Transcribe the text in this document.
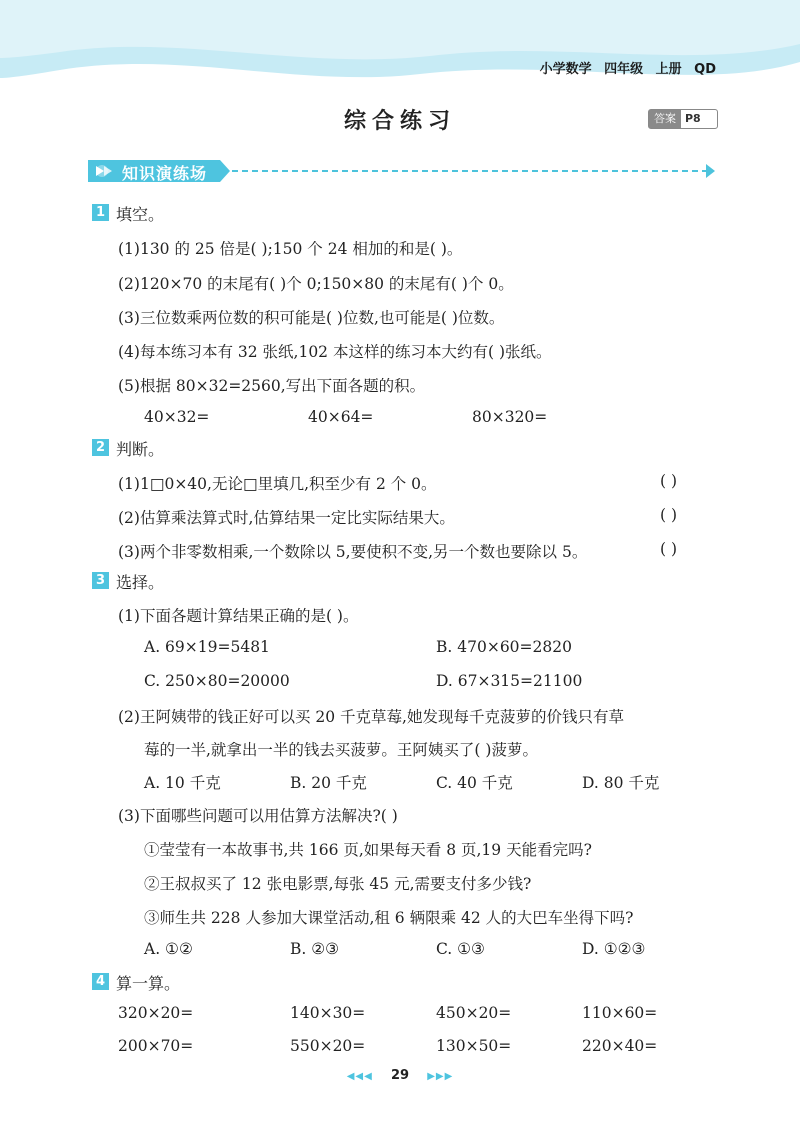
小学数学 四年级 上册 QD
综合练习	答案 P8
知识演练场
1 填空。
(1)130 的 25 倍是( );150 个 24 相加的和是( )。
(2)120×70 的末尾有( )个 0;150×80 的末尾有( )个 0。
(3)三位数乘两位数的积可能是( )位数,也可能是( )位数。
(4)每本练习本有 32 张纸,102 本这样的练习本大约有( )张纸。
(5)根据 80×32=2560,写出下面各题的积。
40×32=	40×64=	80×320=
2 判断。
(1)1□0×40,无论□里填几,积至少有 2 个 0。	( )
(2)估算乘法算式时,估算结果一定比实际结果大。	( )
(3)两个非零数相乘,一个数除以 5,要使积不变,另一个数也要除以 5。	( )
3 选择。
(1)下面各题计算结果正确的是( )。
A. 69×19=5481	B. 470×60=2820
C. 250×80=20000	D. 67×315=21100
(2)王阿姨带的钱正好可以买 20 千克草莓,她发现每千克菠萝的价钱只有草
莓的一半,就拿出一半的钱去买菠萝。王阿姨买了( )菠萝。
A. 10 千克	B. 20 千克	C. 40 千克	D. 80 千克
(3)下面哪些问题可以用估算方法解决?( )
①莹莹有一本故事书,共 166 页,如果每天看 8 页,19 天能看完吗?
②王叔叔买了 12 张电影票,每张 45 元,需要支付多少钱?
③师生共 228 人参加大课堂活动,租 6 辆限乘 42 人的大巴车坐得下吗?
A. ①②	B. ②③	C. ①③	D. ①②③
4 算一算。
320×20=	140×30=	450×20=	110×60=
200×70=	550×20=	130×50=	220×40=
◀◀◀ 29 ▶▶▶
